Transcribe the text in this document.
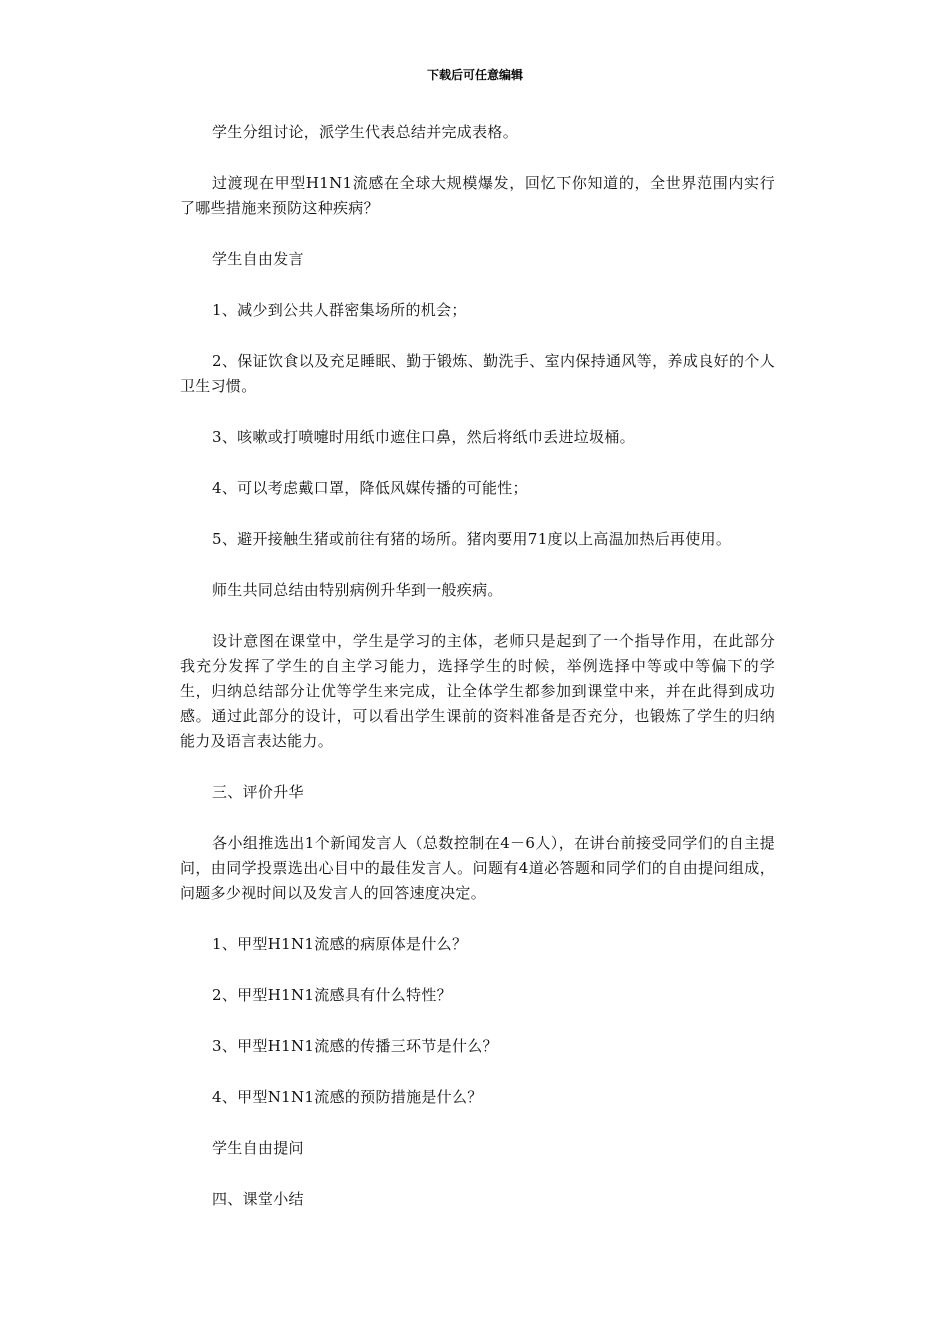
下载后可任意编辑

学生分组讨论，派学生代表总结并完成表格。

过渡现在甲型H1N1流感在全球大规模爆发，回忆下你知道的，全世界范围内实行了哪些措施来预防这种疾病？

学生自由发言

1、减少到公共人群密集场所的机会；

2、保证饮食以及充足睡眠、勤于锻炼、勤洗手、室内保持通风等，养成良好的个人卫生习惯。

3、咳嗽或打喷嚏时用纸巾遮住口鼻，然后将纸巾丢进垃圾桶。

4、可以考虑戴口罩，降低风媒传播的可能性；

5、避开接触生猪或前往有猪的场所。猪肉要用71度以上高温加热后再使用。

师生共同总结由特别病例升华到一般疾病。

设计意图在课堂中，学生是学习的主体，老师只是起到了一个指导作用，在此部分我充分发挥了学生的自主学习能力，选择学生的时候，举例选择中等或中等偏下的学生，归纳总结部分让优等学生来完成，让全体学生都参加到课堂中来，并在此得到成功感。通过此部分的设计，可以看出学生课前的资料准备是否充分，也锻炼了学生的归纳能力及语言表达能力。

三、评价升华

各小组推选出1个新闻发言人（总数控制在4－6人），在讲台前接受同学们的自主提问，由同学投票选出心目中的最佳发言人。问题有4道必答题和同学们的自由提问组成，问题多少视时间以及发言人的回答速度决定。

1、甲型H1N1流感的病原体是什么？

2、甲型H1N1流感具有什么特性？

3、甲型H1N1流感的传播三环节是什么？

4、甲型N1N1流感的预防措施是什么？

学生自由提问

四、课堂小结
